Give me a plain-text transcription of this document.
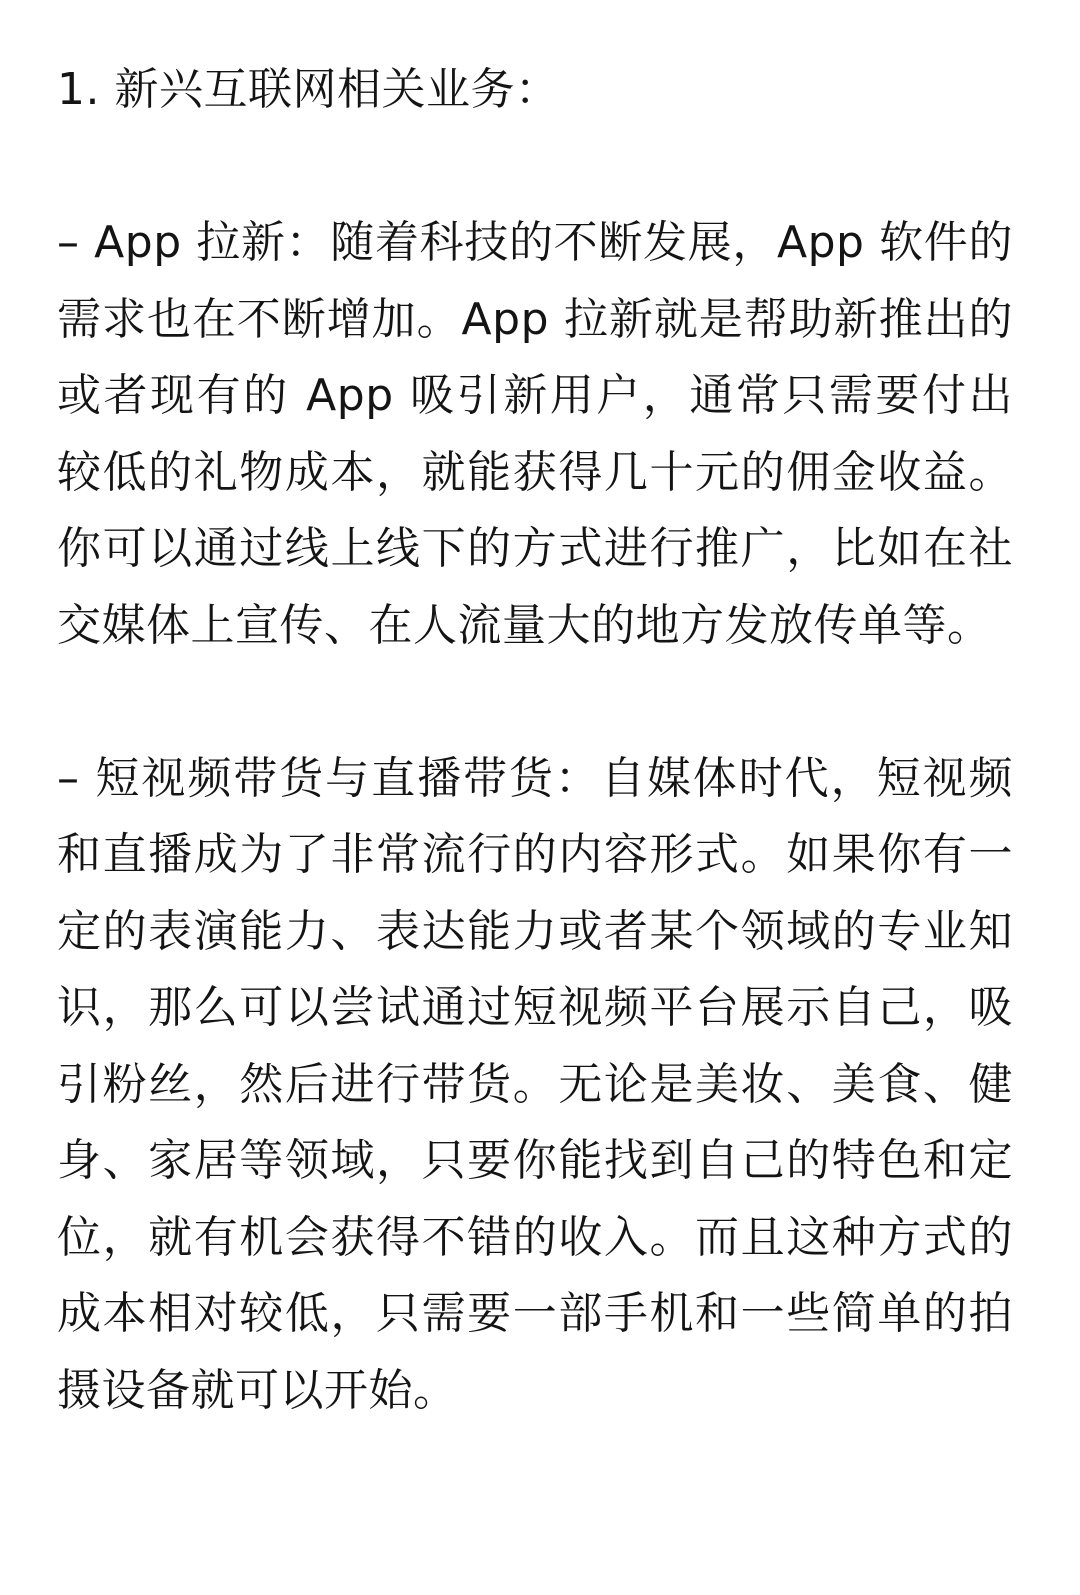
1. 新兴互联网相关业务：

– App 拉新：随着科技的不断发展，App 软件的需求也在不断增加。App 拉新就是帮助新推出的或者现有的 App 吸引新用户，通常只需要付出较低的礼物成本，就能获得几十元的佣金收益。你可以通过线上线下的方式进行推广，比如在社交媒体上宣传、在人流量大的地方发放传单等。

– 短视频带货与直播带货：自媒体时代，短视频和直播成为了非常流行的内容形式。如果你有一定的表演能力、表达能力或者某个领域的专业知识，那么可以尝试通过短视频平台展示自己，吸引粉丝，然后进行带货。无论是美妆、美食、健身、家居等领域，只要你能找到自己的特色和定位，就有机会获得不错的收入。而且这种方式的成本相对较低，只需要一部手机和一些简单的拍摄设备就可以开始。
